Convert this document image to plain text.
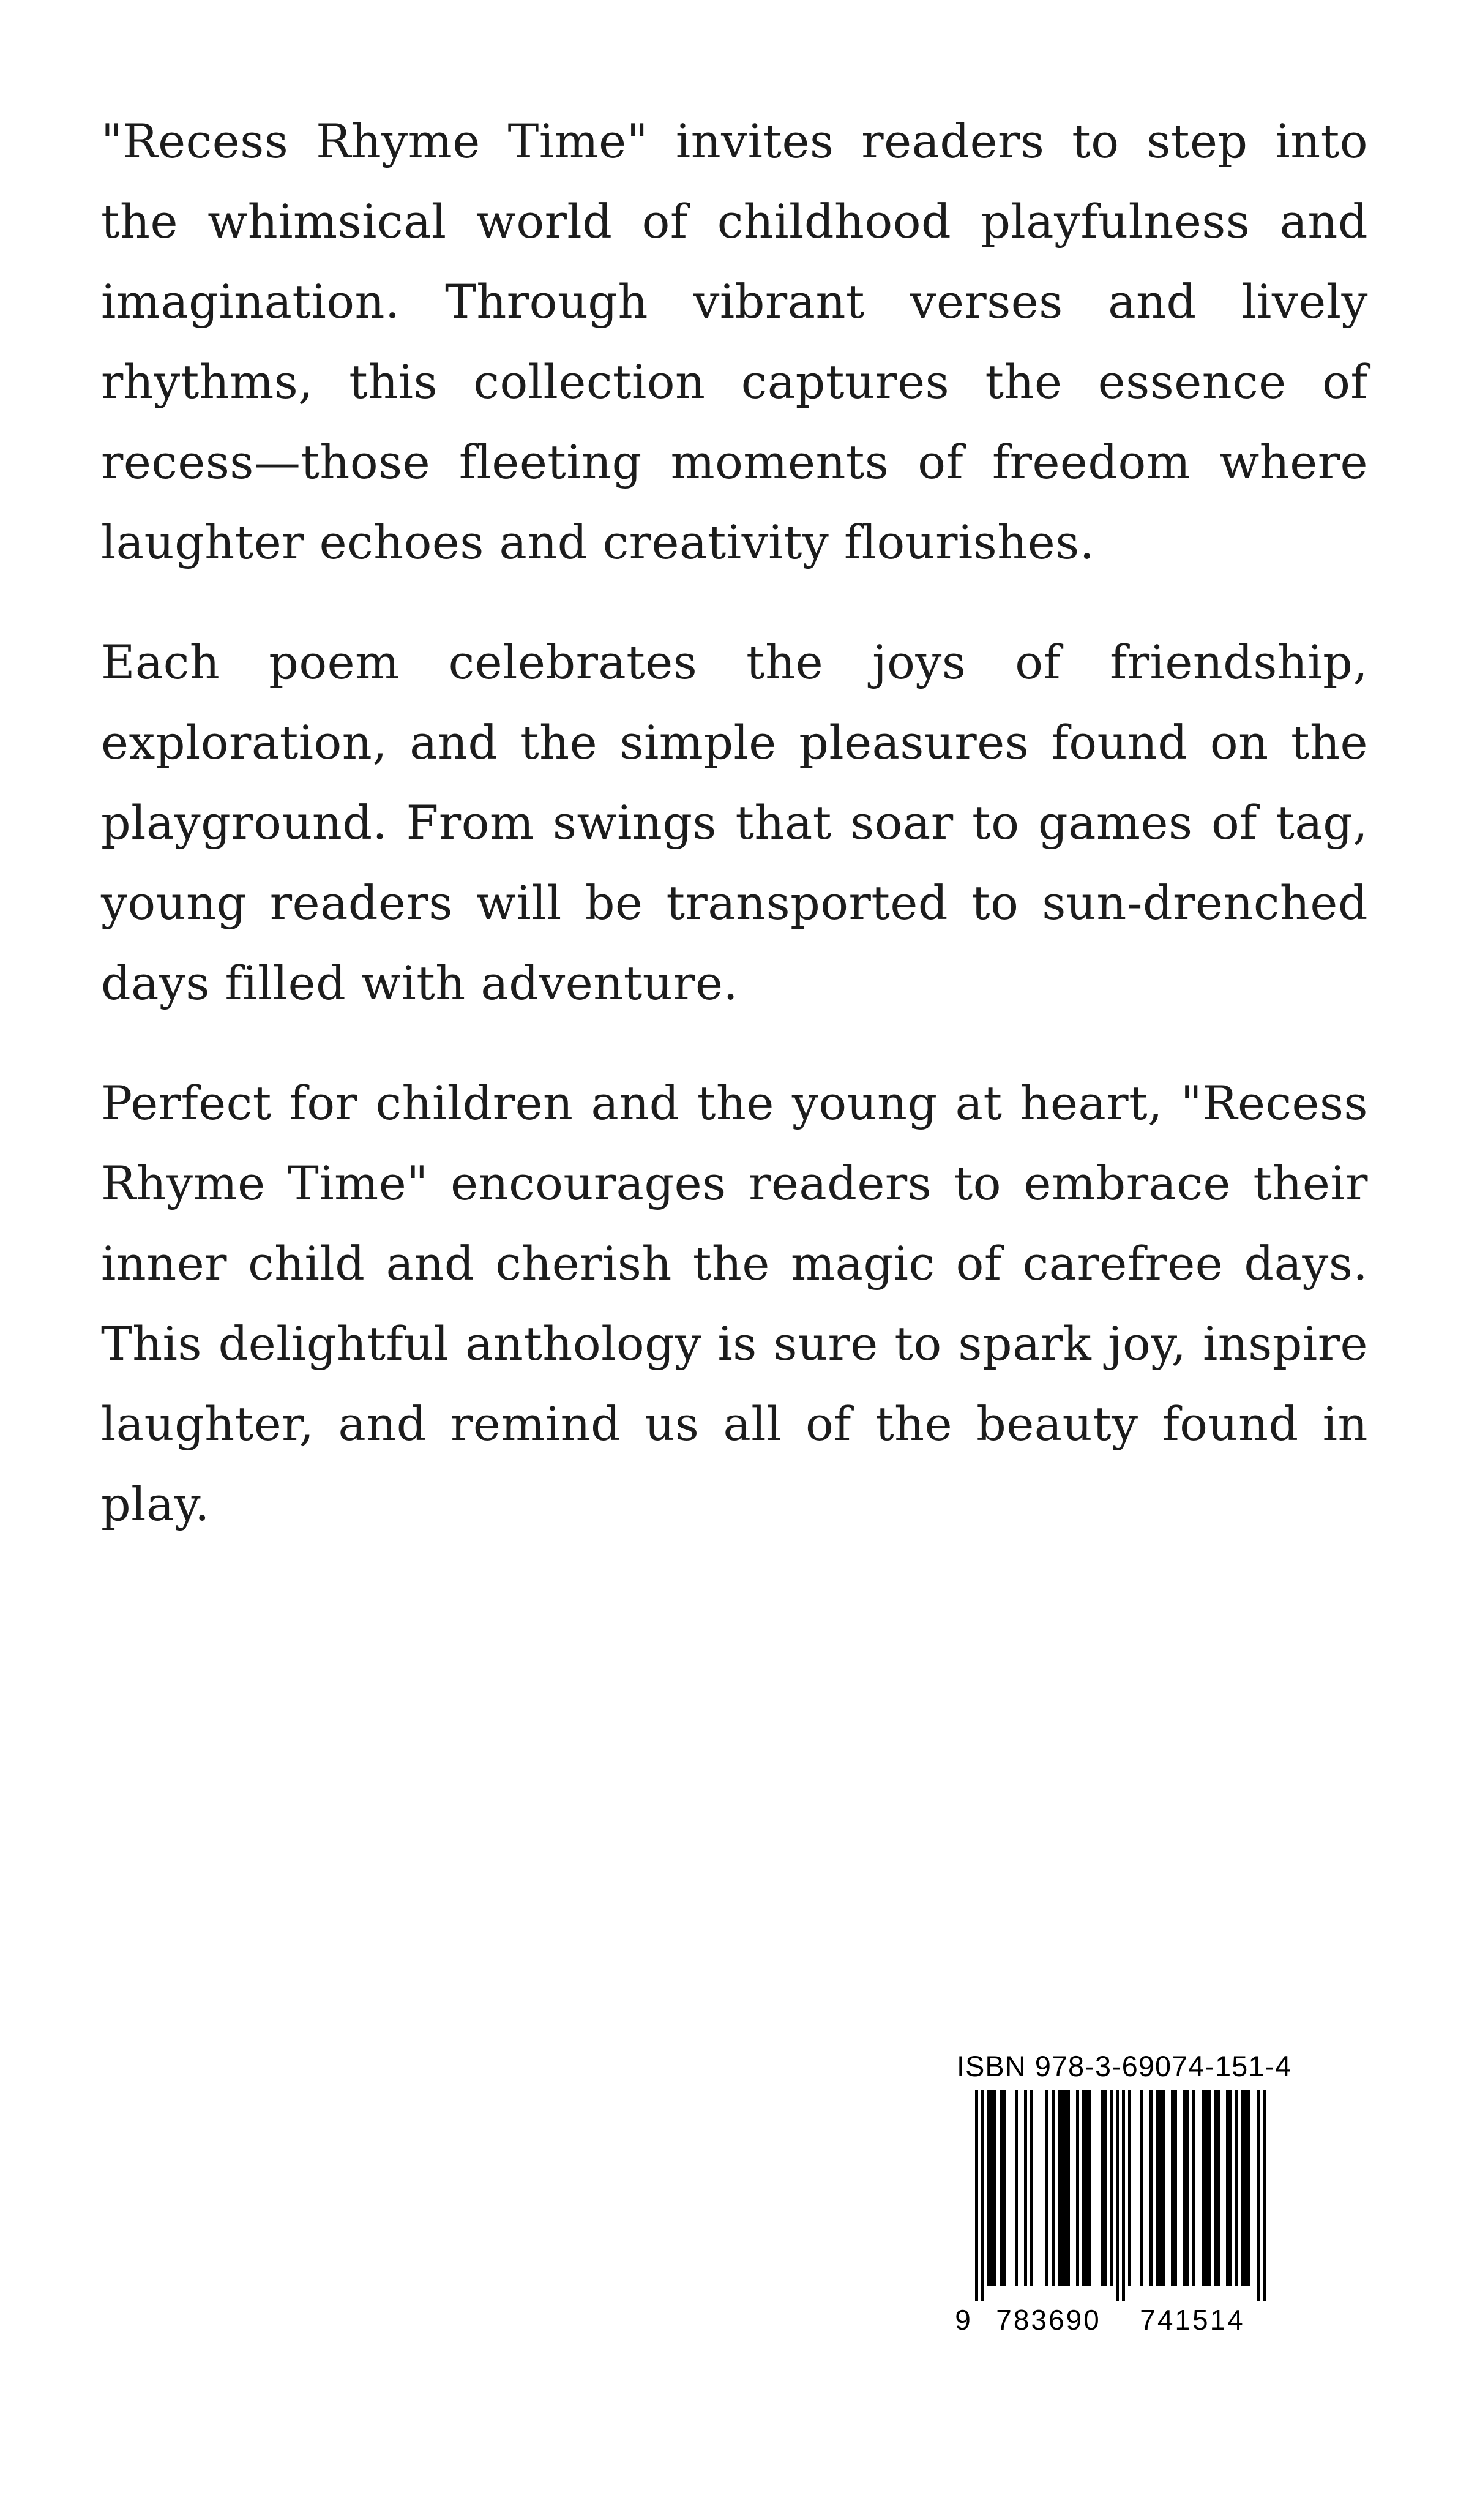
"Recess Rhyme Time" invites readers to step into the whimsical world of childhood playfulness and imagination. Through vibrant verses and lively rhythms, this collection captures the essence of recess—those fleeting moments of freedom where laughter echoes and creativity flourishes.

Each poem celebrates the joys of friendship, exploration, and the simple pleasures found on the playground. From swings that soar to games of tag, young readers will be transported to sun-drenched days filled with adventure.

Perfect for children and the young at heart, "Recess Rhyme Time" encourages readers to embrace their inner child and cherish the magic of carefree days. This delightful anthology is sure to spark joy, inspire laughter, and remind us all of the beauty found in play.

ISBN 978-3-69074-151-4
9 783690 741514
